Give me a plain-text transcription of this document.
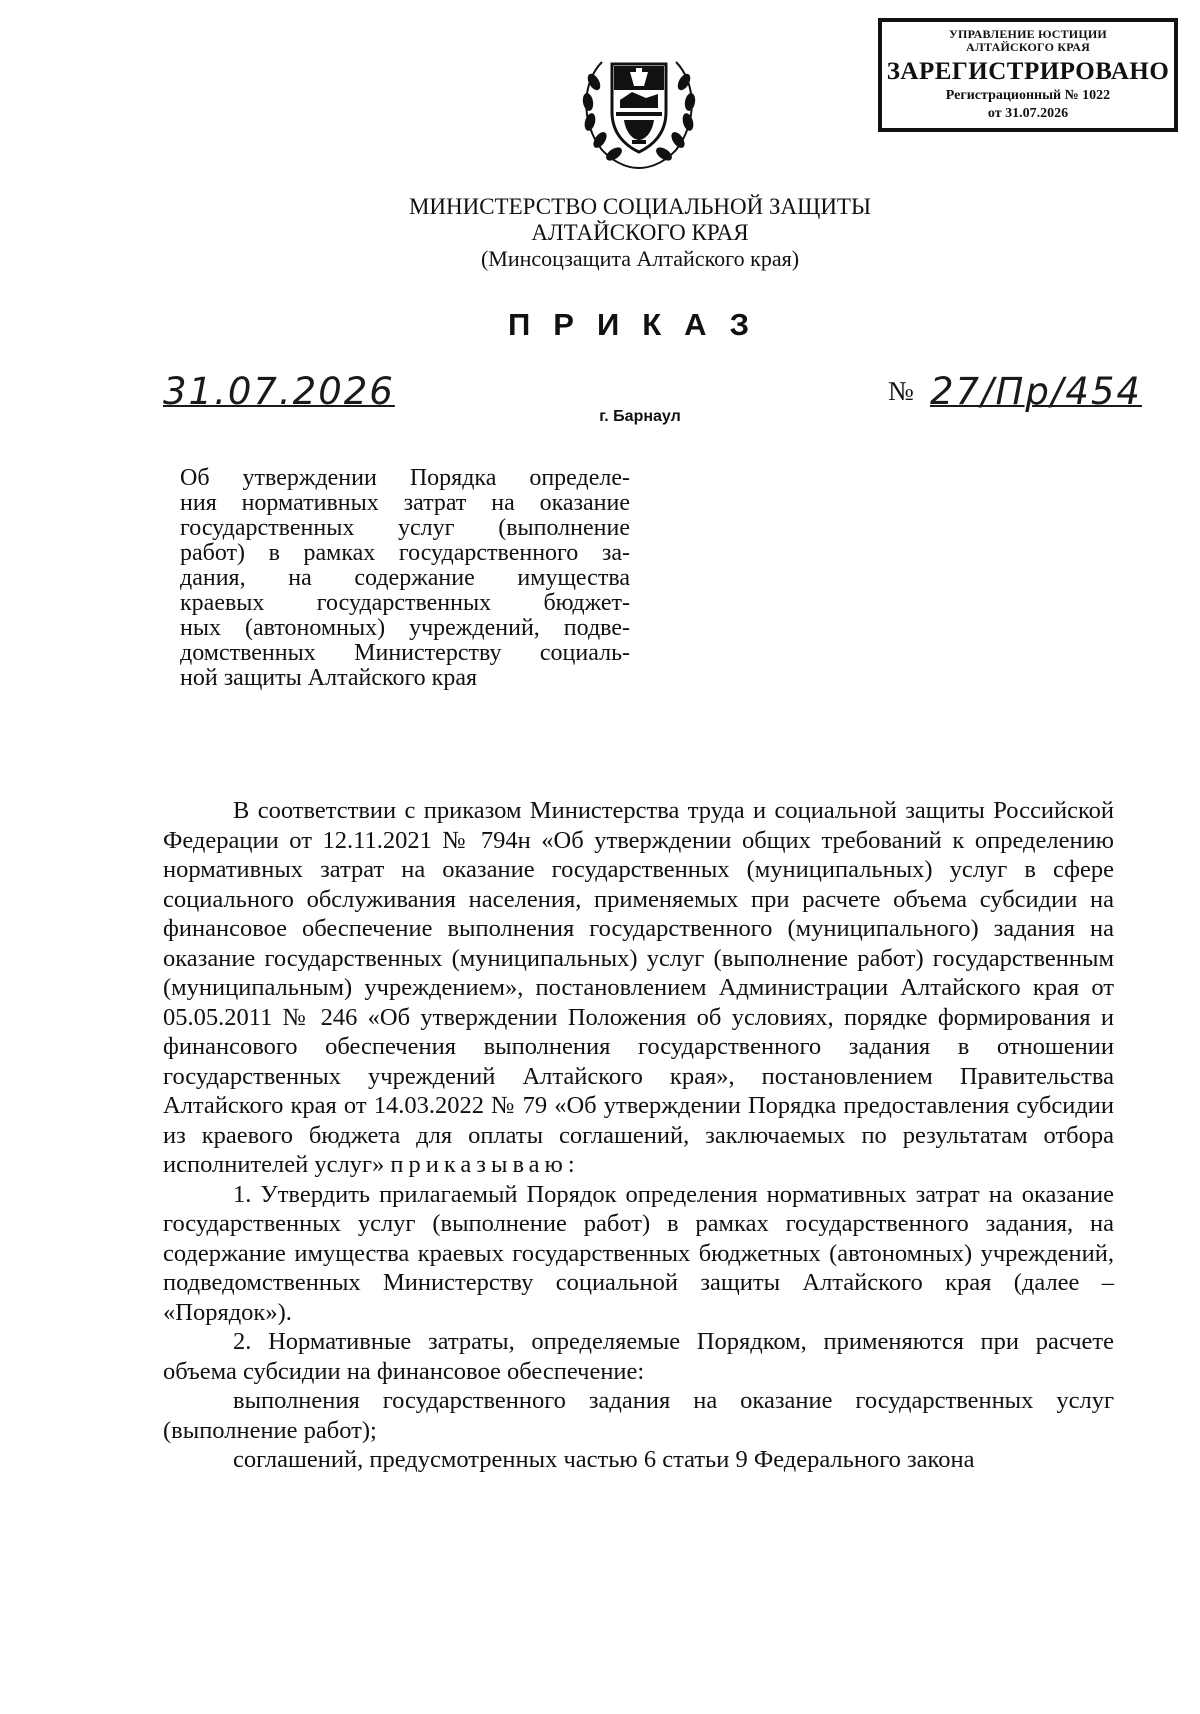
УПРАВЛЕНИЕ ЮСТИЦИИ
АЛТАЙСКОГО КРАЯ
ЗАРЕГИСТРИРОВАНО
Регистрационный № 1022
от 31.07.2026
МИНИСТЕРСТВО СОЦИАЛЬНОЙ ЗАЩИТЫ
АЛТАЙСКОГО КРАЯ
(Минсоцзащита Алтайского края)
ПРИКАЗ
31.07.2026	№ 27/Пр/454
г. Барнаул
Об утверждении Порядка определе-
ния нормативных затрат на оказание
государственных услуг (выполнение
работ) в рамках государственного за-
дания, на содержание имущества
краевых государственных бюджет-
ных (автономных) учреждений, подве-
домственных Министерству социаль-
ной защиты Алтайского края

В соответствии с приказом Министерства труда и социальной защиты Российской Федерации от 12.11.2021 № 794н «Об утверждении общих требований к определению нормативных затрат на оказание государственных (муниципальных) услуг в сфере социального обслуживания населения, применяемых при расчете объема субсидии на финансовое обеспечение выполнения государственного (муниципального) задания на оказание государственных (муниципальных) услуг (выполнение работ) государственным (муниципальным) учреждением», постановлением Администрации Алтайского края от 05.05.2011 № 246 «Об утверждении Положения об условиях, порядке формирования и финансового обеспечения выполнения государственного задания в отношении государственных учреждений Алтайского края», постановлением Правительства Алтайского края от 14.03.2022 № 79 «Об утверждении Порядка предоставления субсидии из краевого бюджета для оплаты соглашений, заключаемых по результатам отбора исполнителей услуг» приказываю:

1. Утвердить прилагаемый Порядок определения нормативных затрат на оказание государственных услуг (выполнение работ) в рамках государственного задания, на содержание имущества краевых государственных бюджетных (автономных) учреждений, подведомственных Министерству социальной защиты Алтайского края (далее – «Порядок»).

2. Нормативные затраты, определяемые Порядком, применяются при расчете объема субсидии на финансовое обеспечение:

выполнения государственного задания на оказание государственных услуг (выполнение работ);

соглашений, предусмотренных частью 6 статьи 9 Федерального закона
